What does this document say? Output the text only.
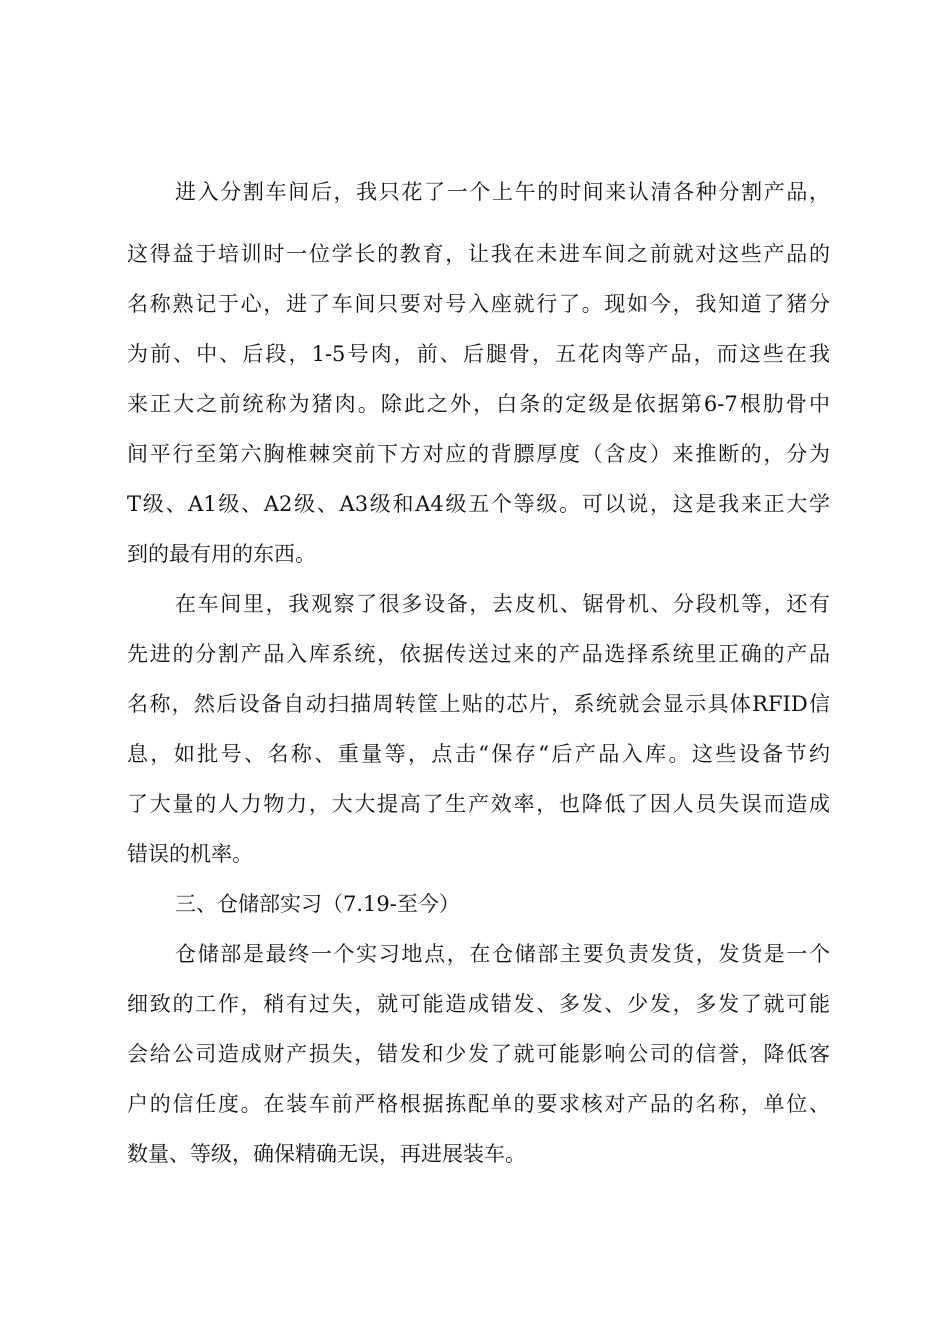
进入分割车间后，我只花了一个上午的时间来认清各种分割产品，
这得益于培训时一位学长的教育，让我在未进车间之前就对这些产品的
名称熟记于心，进了车间只要对号入座就行了。现如今，我知道了猪分
为前、中、后段，1-5号肉，前、后腿骨，五花肉等产品，而这些在我
来正大之前统称为猪肉。除此之外，白条的定级是依据第6-7根肋骨中
间平行至第六胸椎棘突前下方对应的背膘厚度（含皮）来推断的，分为
T级、A1级、A2级、A3级和A4级五个等级。可以说，这是我来正大学
到的最有用的东西。
在车间里，我观察了很多设备，去皮机、锯骨机、分段机等，还有
先进的分割产品入库系统，依据传送过来的产品选择系统里正确的产品
名称，然后设备自动扫描周转筐上贴的芯片，系统就会显示具体RFID信
息，如批号、名称、重量等，点击“保存“后产品入库。这些设备节约
了大量的人力物力，大大提高了生产效率，也降低了因人员失误而造成
错误的机率。
三、仓储部实习（7.19-至今）
仓储部是最终一个实习地点，在仓储部主要负责发货，发货是一个
细致的工作，稍有过失，就可能造成错发、多发、少发，多发了就可能
会给公司造成财产损失，错发和少发了就可能影响公司的信誉，降低客
户的信任度。在装车前严格根据拣配单的要求核对产品的名称，单位、
数量、等级，确保精确无误，再进展装车。
